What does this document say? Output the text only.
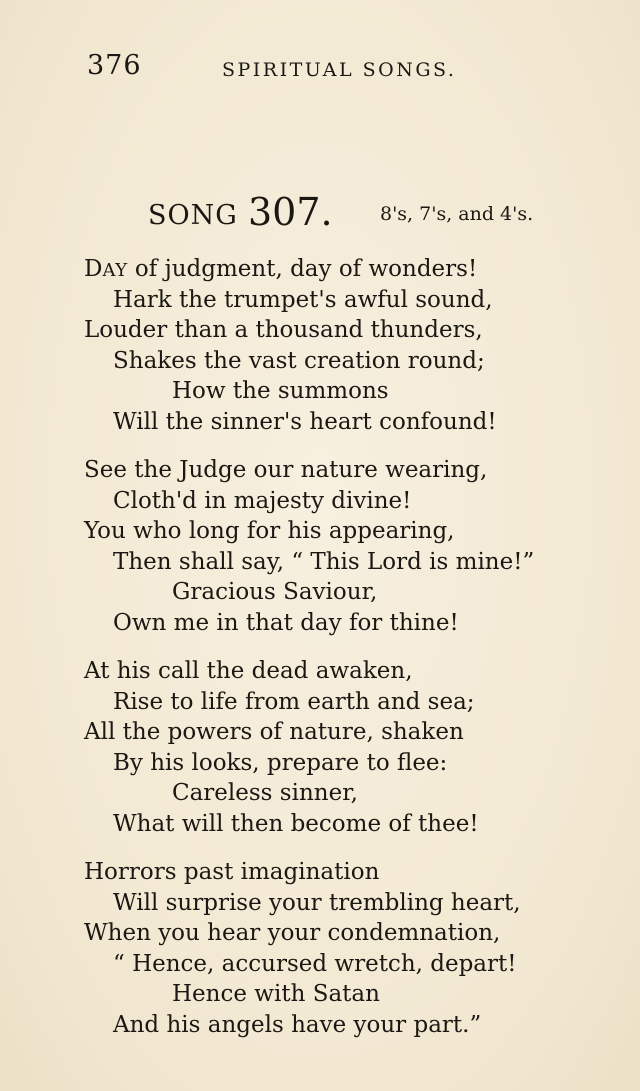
376	SPIRITUAL SONGS.
SONG 307. 8's, 7's, and 4's.
DAY of judgment, day of wonders!
Hark the trumpet's awful sound,
Louder than a thousand thunders,
Shakes the vast creation round;
How the summons
Will the sinner's heart confound!
See the Judge our nature wearing,
Cloth'd in majesty divine!
You who long for his appearing,
Then shall say, “ This Lord is mine!”
Gracious Saviour,
Own me in that day for thine!
At his call the dead awaken,
Rise to life from earth and sea;
All the powers of nature, shaken
By his looks, prepare to flee:
Careless sinner,
What will then become of thee!
Horrors past imagination
Will surprise your trembling heart,
When you hear your condemnation,
“ Hence, accursed wretch, depart!
Hence with Satan
And his angels have your part.”
